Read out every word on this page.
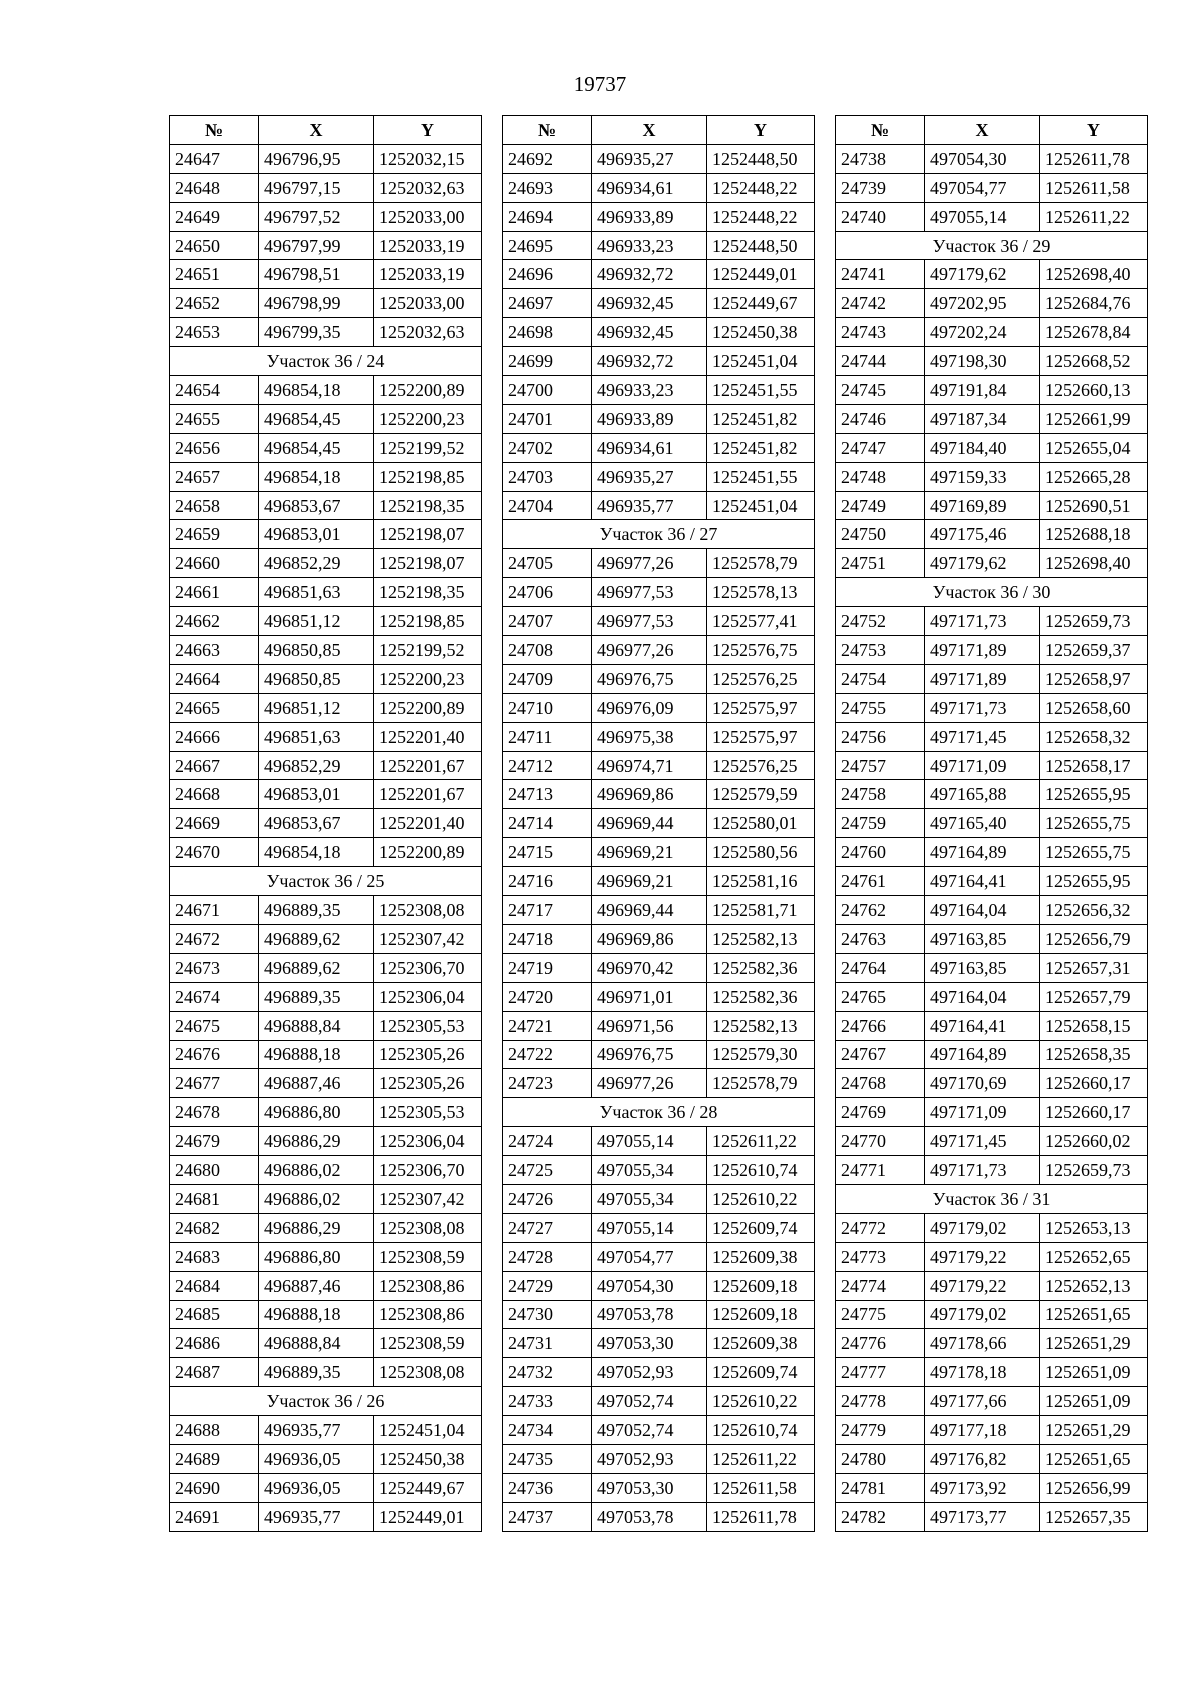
19737
№	X	Y
24647	496796,95	1252032,15
24648	496797,15	1252032,63
24649	496797,52	1252033,00
24650	496797,99	1252033,19
24651	496798,51	1252033,19
24652	496798,99	1252033,00
24653	496799,35	1252032,63
Участок 36 / 24		
24654	496854,18	1252200,89
24655	496854,45	1252200,23
24656	496854,45	1252199,52
24657	496854,18	1252198,85
24658	496853,67	1252198,35
24659	496853,01	1252198,07
24660	496852,29	1252198,07
24661	496851,63	1252198,35
24662	496851,12	1252198,85
24663	496850,85	1252199,52
24664	496850,85	1252200,23
24665	496851,12	1252200,89
24666	496851,63	1252201,40
24667	496852,29	1252201,67
24668	496853,01	1252201,67
24669	496853,67	1252201,40
24670	496854,18	1252200,89
Участок 36 / 25		
24671	496889,35	1252308,08
24672	496889,62	1252307,42
24673	496889,62	1252306,70
24674	496889,35	1252306,04
24675	496888,84	1252305,53
24676	496888,18	1252305,26
24677	496887,46	1252305,26
24678	496886,80	1252305,53
24679	496886,29	1252306,04
24680	496886,02	1252306,70
24681	496886,02	1252307,42
24682	496886,29	1252308,08
24683	496886,80	1252308,59
24684	496887,46	1252308,86
24685	496888,18	1252308,86
24686	496888,84	1252308,59
24687	496889,35	1252308,08
Участок 36 / 26		
24688	496935,77	1252451,04
24689	496936,05	1252450,38
24690	496936,05	1252449,67
24691	496935,77	1252449,01
№	X	Y
24692	496935,27	1252448,50
24693	496934,61	1252448,22
24694	496933,89	1252448,22
24695	496933,23	1252448,50
24696	496932,72	1252449,01
24697	496932,45	1252449,67
24698	496932,45	1252450,38
24699	496932,72	1252451,04
24700	496933,23	1252451,55
24701	496933,89	1252451,82
24702	496934,61	1252451,82
24703	496935,27	1252451,55
24704	496935,77	1252451,04
Участок 36 / 27		
24705	496977,26	1252578,79
24706	496977,53	1252578,13
24707	496977,53	1252577,41
24708	496977,26	1252576,75
24709	496976,75	1252576,25
24710	496976,09	1252575,97
24711	496975,38	1252575,97
24712	496974,71	1252576,25
24713	496969,86	1252579,59
24714	496969,44	1252580,01
24715	496969,21	1252580,56
24716	496969,21	1252581,16
24717	496969,44	1252581,71
24718	496969,86	1252582,13
24719	496970,42	1252582,36
24720	496971,01	1252582,36
24721	496971,56	1252582,13
24722	496976,75	1252579,30
24723	496977,26	1252578,79
Участок 36 / 28		
24724	497055,14	1252611,22
24725	497055,34	1252610,74
24726	497055,34	1252610,22
24727	497055,14	1252609,74
24728	497054,77	1252609,38
24729	497054,30	1252609,18
24730	497053,78	1252609,18
24731	497053,30	1252609,38
24732	497052,93	1252609,74
24733	497052,74	1252610,22
24734	497052,74	1252610,74
24735	497052,93	1252611,22
24736	497053,30	1252611,58
24737	497053,78	1252611,78
№	X	Y
24738	497054,30	1252611,78
24739	497054,77	1252611,58
24740	497055,14	1252611,22
Участок 36 / 29		
24741	497179,62	1252698,40
24742	497202,95	1252684,76
24743	497202,24	1252678,84
24744	497198,30	1252668,52
24745	497191,84	1252660,13
24746	497187,34	1252661,99
24747	497184,40	1252655,04
24748	497159,33	1252665,28
24749	497169,89	1252690,51
24750	497175,46	1252688,18
24751	497179,62	1252698,40
Участок 36 / 30		
24752	497171,73	1252659,73
24753	497171,89	1252659,37
24754	497171,89	1252658,97
24755	497171,73	1252658,60
24756	497171,45	1252658,32
24757	497171,09	1252658,17
24758	497165,88	1252655,95
24759	497165,40	1252655,75
24760	497164,89	1252655,75
24761	497164,41	1252655,95
24762	497164,04	1252656,32
24763	497163,85	1252656,79
24764	497163,85	1252657,31
24765	497164,04	1252657,79
24766	497164,41	1252658,15
24767	497164,89	1252658,35
24768	497170,69	1252660,17
24769	497171,09	1252660,17
24770	497171,45	1252660,02
24771	497171,73	1252659,73
Участок 36 / 31		
24772	497179,02	1252653,13
24773	497179,22	1252652,65
24774	497179,22	1252652,13
24775	497179,02	1252651,65
24776	497178,66	1252651,29
24777	497178,18	1252651,09
24778	497177,66	1252651,09
24779	497177,18	1252651,29
24780	497176,82	1252651,65
24781	497173,92	1252656,99
24782	497173,77	1252657,35
